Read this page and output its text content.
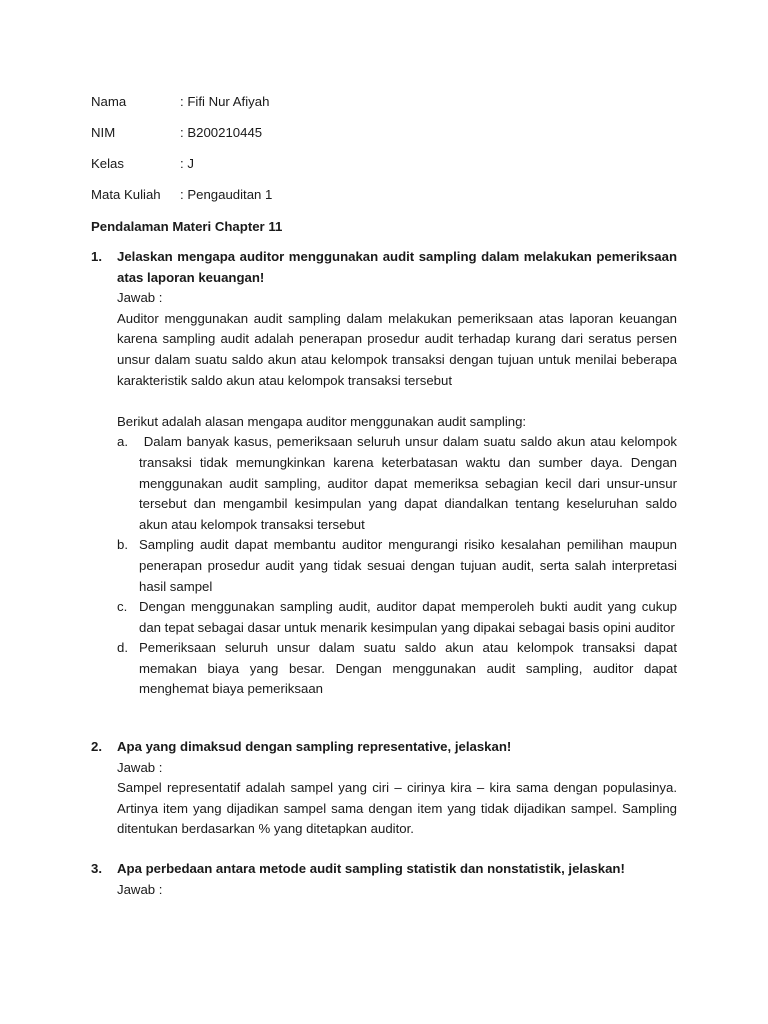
Nama	: Fifi Nur Afiyah
NIM	: B200210445
Kelas	: J
Mata Kuliah	: Pengauditan 1
Pendalaman Materi Chapter 11
1. Jelaskan mengapa auditor menggunakan audit sampling dalam melakukan pemeriksaan atas laporan keuangan!
Jawab :
Auditor menggunakan audit sampling dalam melakukan pemeriksaan atas laporan keuangan karena sampling audit adalah penerapan prosedur audit terhadap kurang dari seratus persen unsur dalam suatu saldo akun atau kelompok transaksi dengan tujuan untuk menilai beberapa karakteristik saldo akun atau kelompok transaksi tersebut
Berikut adalah alasan mengapa auditor menggunakan audit sampling:
a. Dalam banyak kasus, pemeriksaan seluruh unsur dalam suatu saldo akun atau kelompok transaksi tidak memungkinkan karena keterbatasan waktu dan sumber daya. Dengan menggunakan audit sampling, auditor dapat memeriksa sebagian kecil dari unsur-unsur tersebut dan mengambil kesimpulan yang dapat diandalkan tentang keseluruhan saldo akun atau kelompok transaksi tersebut
b. Sampling audit dapat membantu auditor mengurangi risiko kesalahan pemilihan maupun penerapan prosedur audit yang tidak sesuai dengan tujuan audit, serta salah interpretasi hasil sampel
c. Dengan menggunakan sampling audit, auditor dapat memperoleh bukti audit yang cukup dan tepat sebagai dasar untuk menarik kesimpulan yang dipakai sebagai basis opini auditor
d. Pemeriksaan seluruh unsur dalam suatu saldo akun atau kelompok transaksi dapat memakan biaya yang besar. Dengan menggunakan audit sampling, auditor dapat menghemat biaya pemeriksaan
2. Apa yang dimaksud dengan sampling representative, jelaskan!
Jawab :
Sampel representatif adalah sampel yang ciri – cirinya kira – kira sama dengan populasinya. Artinya item yang dijadikan sampel sama dengan item yang tidak dijadikan sampel. Sampling ditentukan berdasarkan % yang ditetapkan auditor.
3. Apa perbedaan antara metode audit sampling statistik dan nonstatistik, jelaskan!
Jawab :
